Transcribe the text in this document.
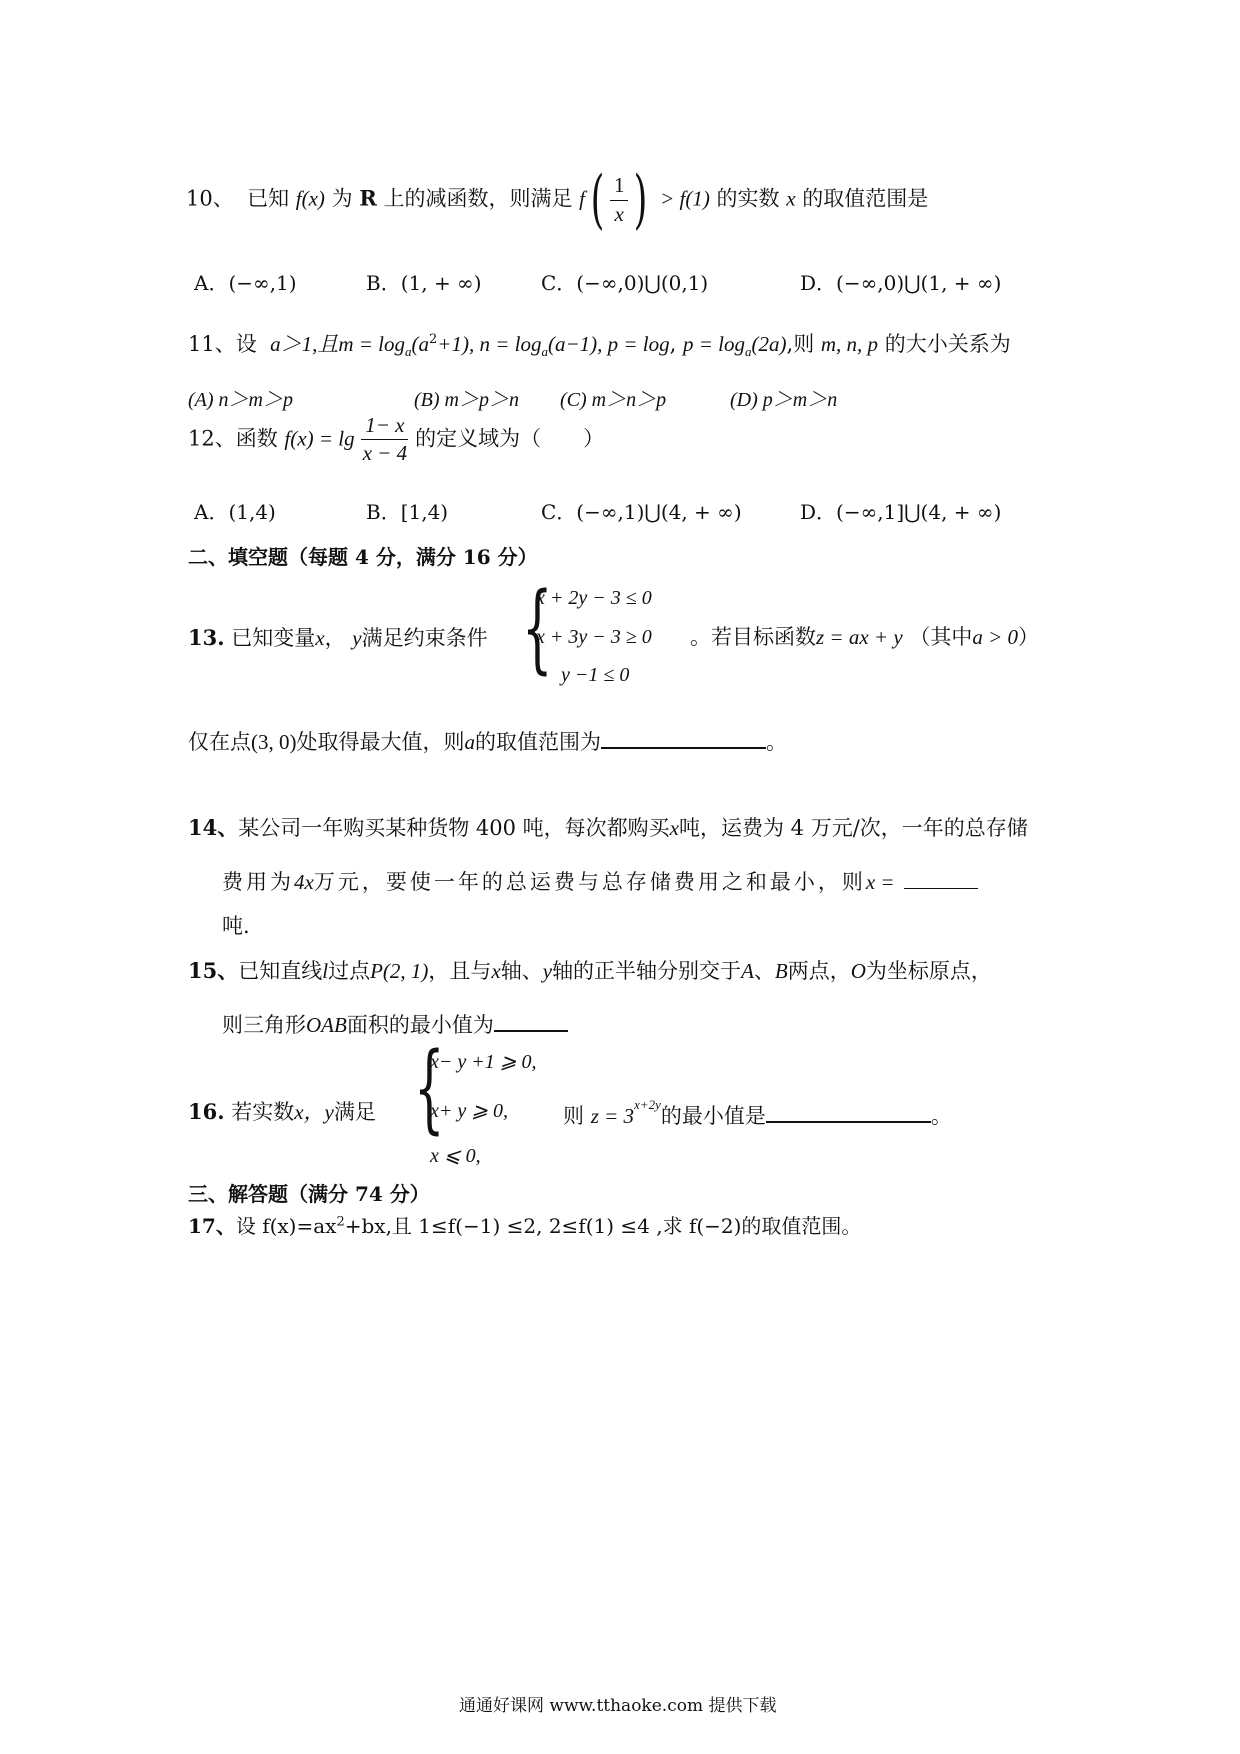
10、 已知 f(x) 为 R 上的减函数，则满足 $f( \frac{1}{x}$ ) > f(1) 的实数 x 的取值范围是
A．(−∞,1)	B．(1, + ∞)	C．(−∞,0)⋃(0,1)	D．(−∞,0)⋃(1, + ∞)
11、设 a＞1,且$m = \log_a(a^2+1)$, $n = \log_a(a-1)$, p = log, $p = \log_a(2a)$,则 m, n, p 的大小关系为
(A) n＞m＞p	(B) m＞p＞n (C) m＞n＞p	(D) p＞m＞n
12、函数 $f(x) = \lg \frac{1- x}{x - 4}$ 的定义域为（　　）
A．(1,4)	B．[1,4)	C．(−∞,1)⋃(4, + ∞)	D．(−∞,1]⋃(4, + ∞)
二、填空题（每题 4 分，满分 16 分）
13. 已知变量x， y满足约束条件 {
x + 2y − 3 ≤ 0
x + 3y − 3 ≥ 0
y −1 ≤ 0
。若目标函数z = ax + y （其中a > 0）
仅在点(3, 0)处取得最大值，则a的取值范围为	。
14、某公司一年购买某种货物 400 吨，每次都购买x吨，运费为 4 万元/次，一年的总存储
费用为4x万元，要使一年的总运费与总存储费用之和最小，则x =
吨.
15、已知直线l过点P(2, 1)，且与x轴、y轴的正半轴分别交于A、B两点，O为坐标原点，
则三角形OAB面积的最小值为
{
x− y +1 ⩾ 0,
16. 若实数x，y满足	x+ y ⩾ 0,	则 $z = 3^{x+2y}$的最小值是	。
x ⩽ 0,
三、解答题（满分 74 分）
17、设 $f(x)=ax^2+bx$,且 1≤f(−1) ≤2, 2≤f(1) ≤4 ,求 f(−2)的取值范围。
通通好课网 www.tthaoke.com 提供下载
